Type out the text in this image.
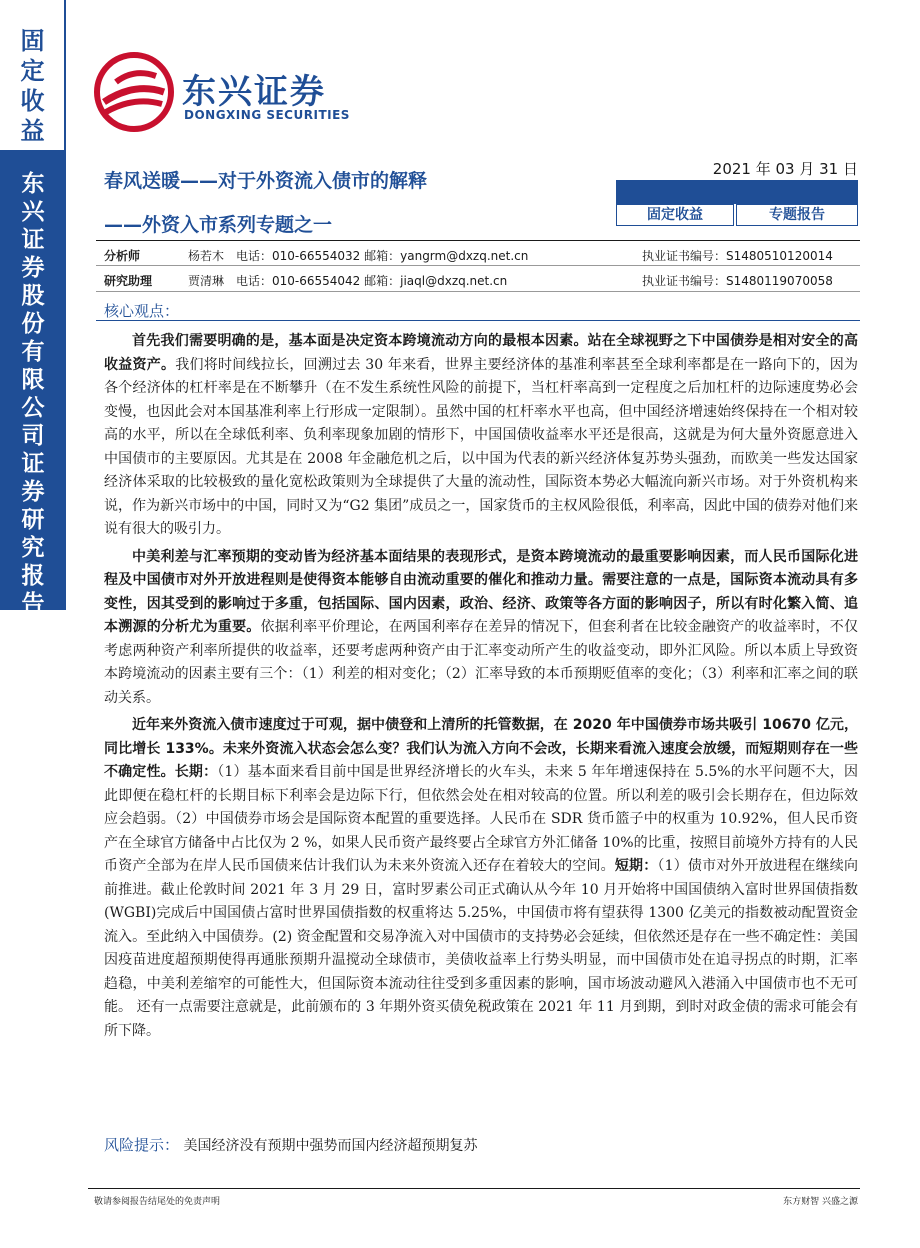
固定收益
东兴证券股份有限公司证券研究报告
东兴证券
DONGXING SECURITIES
春风送暖——对于外资流入债市的解释
——外资入市系列专题之一
2021 年 03 月 31 日
固定收益	专题报告
分析师	杨若木 电话：010-66554032 邮箱：yangrm@dxzq.net.cn	执业证书编号：S1480510120014
研究助理	贾清琳 电话：010-66554042 邮箱：jiaql@dxzq.net.cn	执业证书编号：S1480119070058
核心观点：

首先我们需要明确的是，基本面是决定资本跨境流动方向的最根本因素。站在全球视野之下中国债券是相对安全的高收益资产。我们将时间线拉长，回溯过去 30 年来看，世界主要经济体的基准利率甚至全球利率都是在一路向下的，因为各个经济体的杠杆率是在不断攀升（在不发生系统性风险的前提下，当杠杆率高到一定程度之后加杠杆的边际速度势必会变慢，也因此会对本国基准利率上行形成一定限制）。虽然中国的杠杆率水平也高，但中国经济增速始终保持在一个相对较高的水平，所以在全球低利率、负利率现象加剧的情形下，中国国债收益率水平还是很高，这就是为何大量外资愿意进入中国债市的主要原因。尤其是在 2008 年金融危机之后，以中国为代表的新兴经济体复苏势头强劲，而欧美一些发达国家经济体采取的比较极致的量化宽松政策则为全球提供了大量的流动性，国际资本势必大幅流向新兴市场。对于外资机构来说，作为新兴市场中的中国，同时又为“G2 集团”成员之一，国家货币的主权风险很低，利率高，因此中国的债券对他们来说有很大的吸引力。

中美利差与汇率预期的变动皆为经济基本面结果的表现形式，是资本跨境流动的最重要影响因素，而人民币国际化进程及中国债市对外开放进程则是使得资本能够自由流动重要的催化和推动力量。需要注意的一点是，国际资本流动具有多变性，因其受到的影响过于多重，包括国际、国内因素，政治、经济、政策等各方面的影响因子，所以有时化繁入简、追本溯源的分析尤为重要。依据利率平价理论，在两国利率存在差异的情况下，但套利者在比较金融资产的收益率时，不仅考虑两种资产利率所提供的收益率，还要考虑两种资产由于汇率变动所产生的收益变动，即外汇风险。所以本质上导致资本跨境流动的因素主要有三个：（1）利差的相对变化；（2）汇率导致的本币预期贬值率的变化；（3）利率和汇率之间的联动关系。

近年来外资流入债市速度过于可观，据中债登和上清所的托管数据，在 2020 年中国债券市场共吸引 10670 亿元，同比增长 133%。未来外资流入状态会怎么变？我们认为流入方向不会改，长期来看流入速度会放缓，而短期则存在一些不确定性。长期：（1）基本面来看目前中国是世界经济增长的火车头，未来 5 年年增速保持在 5.5%的水平问题不大，因此即便在稳杠杆的长期目标下利率会是边际下行，但依然会处在相对较高的位置。所以利差的吸引会长期存在，但边际效应会趋弱。（2）中国债券市场会是国际资本配置的重要选择。人民币在 SDR 货币篮子中的权重为 10.92%，但人民币资产在全球官方储备中占比仅为 2 %，如果人民币资产最终要占全球官方外汇储备 10%的比重，按照目前境外方持有的人民币资产全部为在岸人民币国债来估计我们认为未来外资流入还存在着较大的空间。短期：（1）债市对外开放进程在继续向前推进。截止伦敦时间 2021 年 3 月 29 日，富时罗素公司正式确认从今年 10 月开始将中国国债纳入富时世界国债指数(WGBI)完成后中国国债占富时世界国债指数的权重将达 5.25%，中国债市将有望获得 1300 亿美元的指数被动配置资金流入。至此纳入中国债券。(2) 资金配置和交易净流入对中国债市的支持势必会延续，但依然还是存在一些不确定性：美国因疫苗进度超预期使得再通胀预期升温搅动全球债市，美债收益率上行势头明显，而中国债市处在追寻拐点的时期，汇率趋稳，中美利差缩窄的可能性大，但国际资本流动往往受到多重因素的影响，国市场波动避风入港涌入中国债市也不无可能。 还有一点需要注意就是，此前颁布的 3 年期外资买债免税政策在 2021 年 11 月到期，到时对政金债的需求可能会有所下降。

风险提示： 美国经济没有预期中强势而国内经济超预期复苏
敬请参阅报告结尾处的免责声明	东方财智 兴盛之源
